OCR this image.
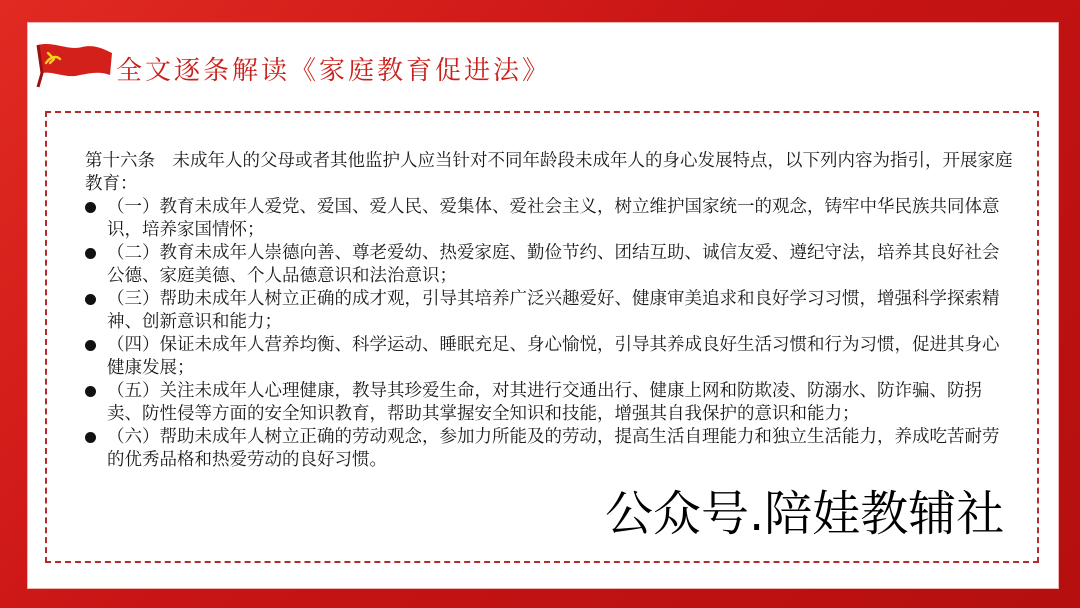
全文逐条解读《家庭教育促进法》

第十六条　未成年人的父母或者其他监护人应当针对不同年龄段未成年人的身心发展特点，以下列内容为指引，开展家庭教育：

（一）教育未成年人爱党、爱国、爱人民、爱集体、爱社会主义，树立维护国家统一的观念，铸牢中华民族共同体意识，培养家国情怀；
（二）教育未成年人崇德向善、尊老爱幼、热爱家庭、勤俭节约、团结互助、诚信友爱、遵纪守法，培养其良好社会公德、家庭美德、个人品德意识和法治意识；
（三）帮助未成年人树立正确的成才观，引导其培养广泛兴趣爱好、健康审美追求和良好学习习惯，增强科学探索精神、创新意识和能力；
（四）保证未成年人营养均衡、科学运动、睡眠充足、身心愉悦，引导其养成良好生活习惯和行为习惯，促进其身心健康发展；
（五）关注未成年人心理健康，教导其珍爱生命，对其进行交通出行、健康上网和防欺凌、防溺水、防诈骗、防拐卖、防性侵等方面的安全知识教育，帮助其掌握安全知识和技能，增强其自我保护的意识和能力；
（六）帮助未成年人树立正确的劳动观念，参加力所能及的劳动，提高生活自理能力和独立生活能力，养成吃苦耐劳的优秀品格和热爱劳动的良好习惯。
公众号.陪娃教辅社
